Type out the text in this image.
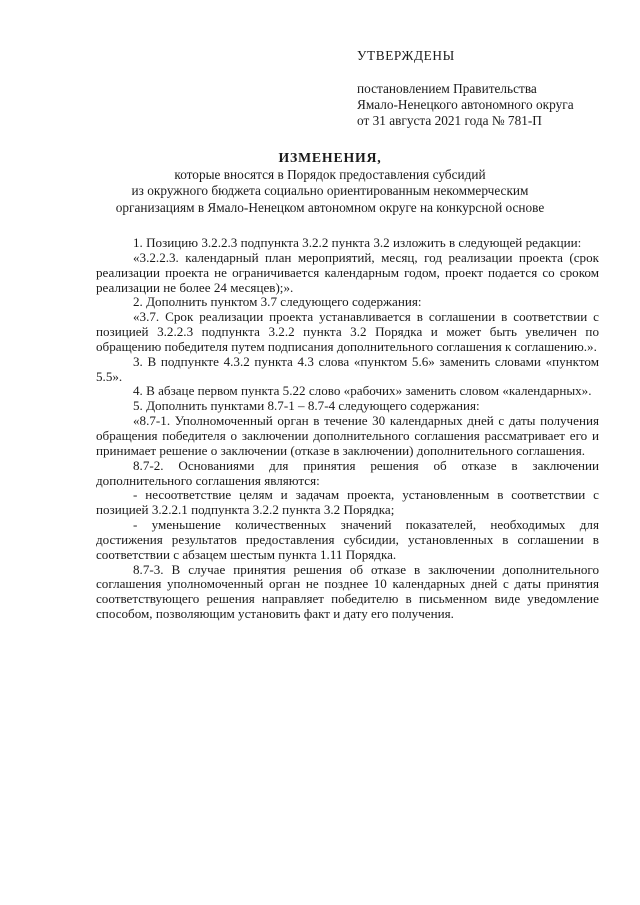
УТВЕРЖДЕНЫ
постановлением Правительства
Ямало-Ненецкого автономного округа
от 31 августа 2021 года № 781-П
ИЗМЕНЕНИЯ,
которые вносятся в Порядок предоставления субсидий
из окружного бюджета социально ориентированным некоммерческим
организациям в Ямало-Ненецком автономном округе на конкурсной основе

1. Позицию 3.2.2.3 подпункта 3.2.2 пункта 3.2 изложить в следующей редакции:

«3.2.2.3. календарный план мероприятий, месяц, год реализации проекта (срок реализации проекта не ограничивается календарным годом, проект подается со сроком реализации не более 24 месяцев);».

2. Дополнить пунктом 3.7 следующего содержания:

«3.7. Срок реализации проекта устанавливается в соглашении в соответствии с позицией 3.2.2.3 подпункта 3.2.2 пункта 3.2 Порядка и может быть увеличен по обращению победителя путем подписания дополнительного соглашения к соглашению.».

3. В подпункте 4.3.2 пункта 4.3 слова «пунктом 5.6» заменить словами «пунктом 5.5».

4. В абзаце первом пункта 5.22 слово «рабочих» заменить словом «календарных».

5. Дополнить пунктами 8.7-1 – 8.7-4 следующего содержания:

«8.7-1. Уполномоченный орган в течение 30 календарных дней с даты получения обращения победителя о заключении дополнительного соглашения рассматривает его и принимает решение о заключении (отказе в заключении) дополнительного соглашения.

8.7-2. Основаниями для принятия решения об отказе в заключении дополнительного соглашения являются:

- несоответствие целям и задачам проекта, установленным в соответствии с позицией 3.2.2.1 подпункта 3.2.2 пункта 3.2 Порядка;

- уменьшение количественных значений показателей, необходимых для достижения результатов предоставления субсидии, установленных в соглашении в соответствии с абзацем шестым пункта 1.11 Порядка.

8.7-3. В случае принятия решения об отказе в заключении дополнительного соглашения уполномоченный орган не позднее 10 календарных дней с даты принятия соответствующего решения направляет победителю в письменном виде уведомление способом, позволяющим установить факт и дату его получения.
